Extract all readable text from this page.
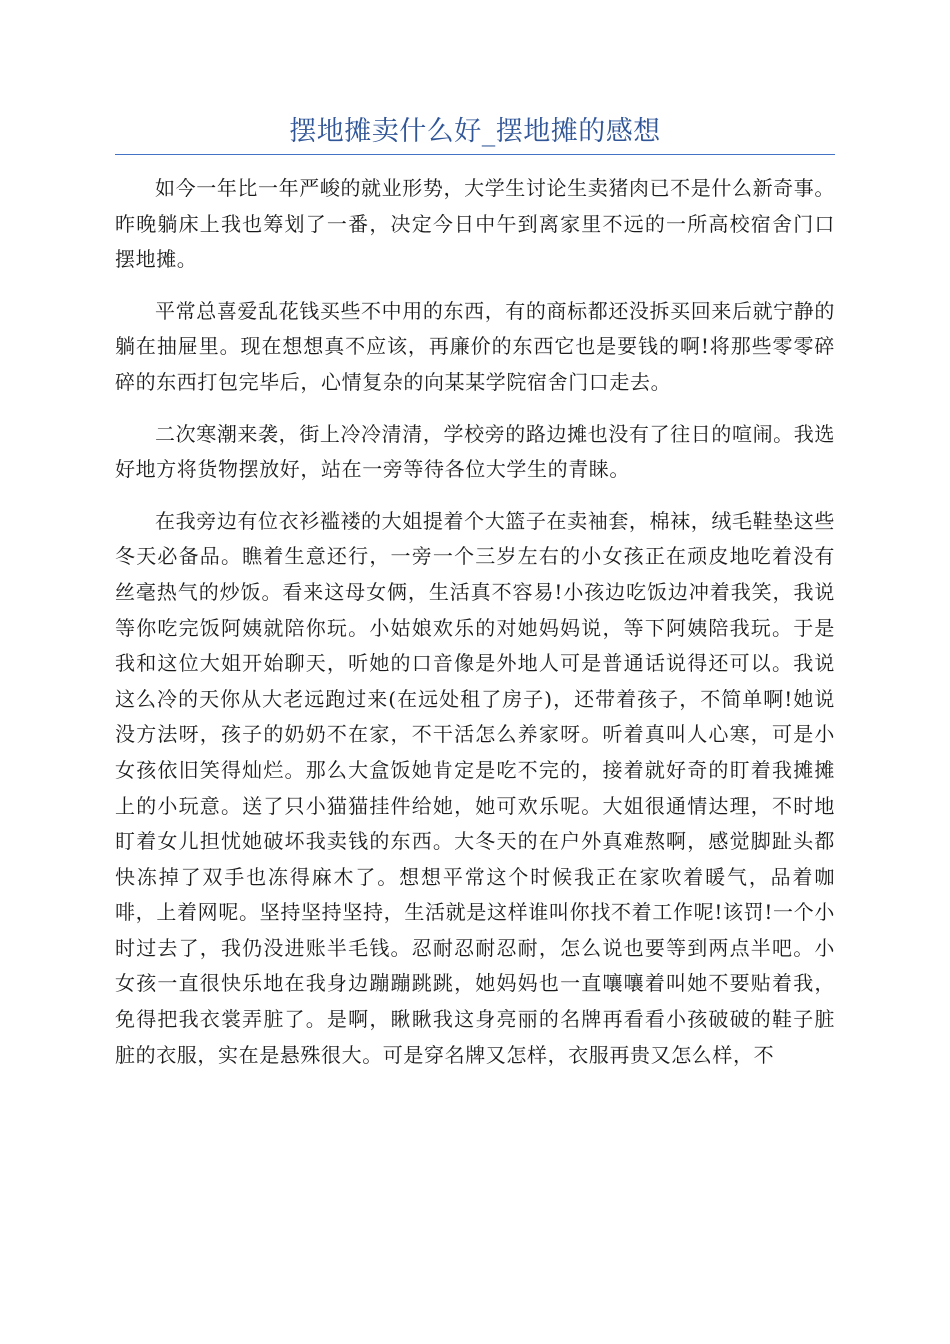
摆地摊卖什么好_摆地摊的感想

如今一年比一年严峻的就业形势，大学生讨论生卖猪肉已不是什么新奇事。昨晚躺床上我也筹划了一番，决定今日中午到离家里不远的一所高校宿舍门口摆地摊。

平常总喜爱乱花钱买些不中用的东西，有的商标都还没拆买回来后就宁静的躺在抽屉里。现在想想真不应该，再廉价的东西它也是要钱的啊!将那些零零碎碎的东西打包完毕后，心情复杂的向某某学院宿舍门口走去。

二次寒潮来袭，街上冷冷清清，学校旁的路边摊也没有了往日的喧闹。我选好地方将货物摆放好，站在一旁等待各位大学生的青睐。

在我旁边有位衣衫褴褛的大姐提着个大篮子在卖袖套，棉袜，绒毛鞋垫这些冬天必备品。瞧着生意还行，一旁一个三岁左右的小女孩正在顽皮地吃着没有丝毫热气的炒饭。看来这母女俩，生活真不容易!小孩边吃饭边冲着我笑，我说等你吃完饭阿姨就陪你玩。小姑娘欢乐的对她妈妈说，等下阿姨陪我玩。于是我和这位大姐开始聊天，听她的口音像是外地人可是普通话说得还可以。我说这么冷的天你从大老远跑过来(在远处租了房子)，还带着孩子，不简单啊!她说没方法呀，孩子的奶奶不在家，不干活怎么养家呀。听着真叫人心寒，可是小女孩依旧笑得灿烂。那么大盒饭她肯定是吃不完的，接着就好奇的盯着我摊摊上的小玩意。送了只小猫猫挂件给她，她可欢乐呢。大姐很通情达理，不时地盯着女儿担忧她破坏我卖钱的东西。大冬天的在户外真难熬啊，感觉脚趾头都快冻掉了双手也冻得麻木了。想想平常这个时候我正在家吹着暖气，品着咖啡，上着网呢。坚持坚持坚持，生活就是这样谁叫你找不着工作呢!该罚!一个小时过去了，我仍没进账半毛钱。忍耐忍耐忍耐，怎么说也要等到两点半吧。小女孩一直很快乐地在我身边蹦蹦跳跳，她妈妈也一直嚷嚷着叫她不要贴着我，免得把我衣裳弄脏了。是啊，瞅瞅我这身亮丽的名牌再看看小孩破破的鞋子脏脏的衣服，实在是悬殊很大。可是穿名牌又怎样，衣服再贵又怎么样，不
